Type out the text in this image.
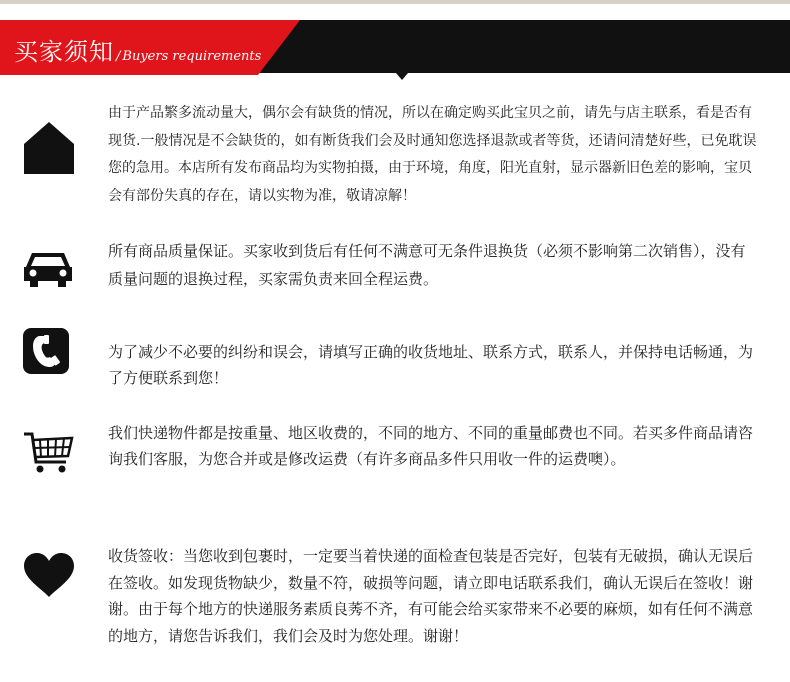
买家须知 / Buyers requirements
由于产品繁多流动量大，偶尔会有缺货的情况，所以在确定购买此宝贝之前，请先与店主联系，看是否有现货.一般情况是不会缺货的，如有断货我们会及时通知您选择退款或者等货，还请问清楚好些，已免耽误您的急用。本店所有发布商品均为实物拍摄，由于环境，角度，阳光直射，显示器新旧色差的影响，宝贝会有部份失真的存在，请以实物为准，敬请凉解！
所有商品质量保证。买家收到货后有任何不满意可无条件退换货（必须不影响第二次销售），没有质量问题的退换过程，买家需负责来回全程运费。
为了减少不必要的纠纷和误会，请填写正确的收货地址、联系方式，联系人，并保持电话畅通，为了方便联系到您！
我们快递物件都是按重量、地区收费的，不同的地方、不同的重量邮费也不同。若买多件商品请咨询我们客服，为您合并或是修改运费（有许多商品多件只用收一件的运费噢）。
收货签收：当您收到包裹时，一定要当着快递的面检查包装是否完好，包装有无破损，确认无误后在签收。如发现货物缺少，数量不符，破损等问题，请立即电话联系我们，确认无误后在签收！谢谢。由于每个地方的快递服务素质良莠不齐，有可能会给买家带来不必要的麻烦，如有任何不满意的地方，请您告诉我们，我们会及时为您处理。谢谢！
